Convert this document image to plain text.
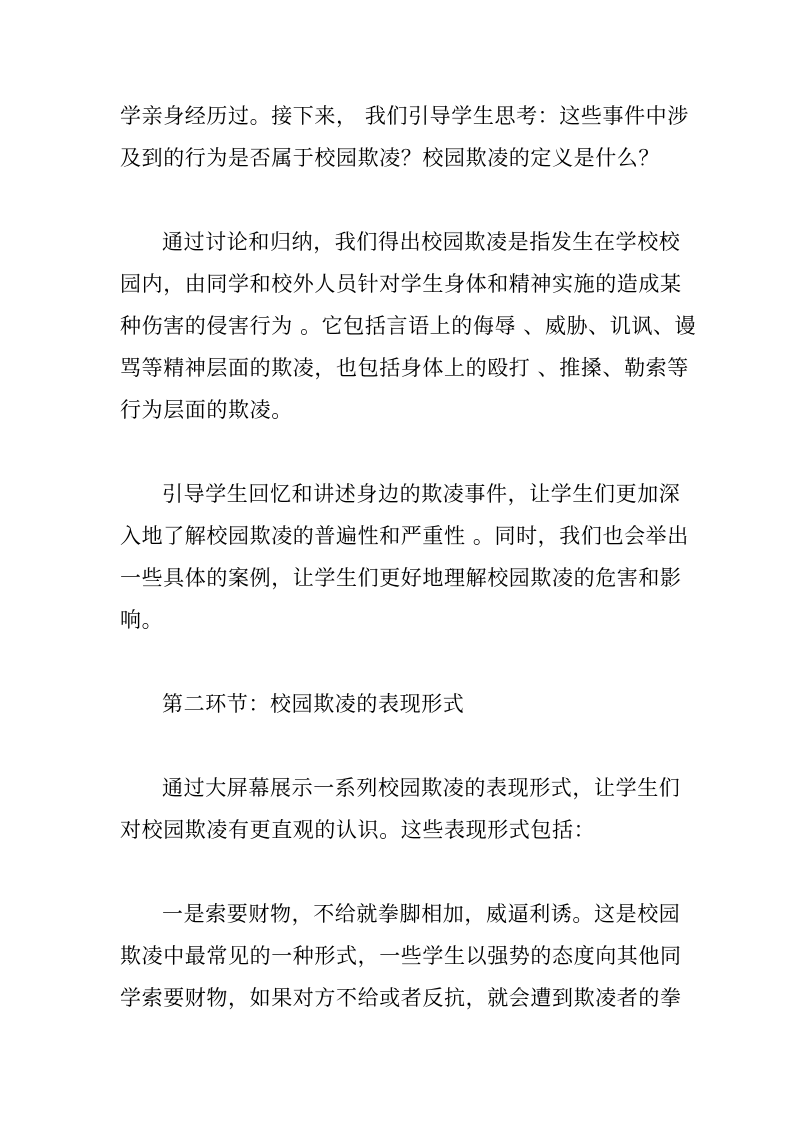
学亲身经历过。接下来， 我们引导学生思考：这些事件中涉
及到的行为是否属于校园欺凌？校园欺凌的定义是什么？
通过讨论和归纳，我们得出校园欺凌是指发生在学校校
园内，由同学和校外人员针对学生身体和精神实施的造成某
种伤害的侵害行为 。它包括言语上的侮辱 、威胁、讥讽、谩
骂等精神层面的欺凌，也包括身体上的殴打 、推搡、勒索等
行为层面的欺凌。
引导学生回忆和讲述身边的欺凌事件，让学生们更加深
入地了解校园欺凌的普遍性和严重性 。同时，我们也会举出
一些具体的案例，让学生们更好地理解校园欺凌的危害和影
响。
第二环节：校园欺凌的表现形式
通过大屏幕展示一系列校园欺凌的表现形式，让学生们
对校园欺凌有更直观的认识。这些表现形式包括：
一是索要财物，不给就拳脚相加，威逼利诱。这是校园
欺凌中最常见的一种形式，一些学生以强势的态度向其他同
学索要财物，如果对方不给或者反抗，就会遭到欺凌者的拳
